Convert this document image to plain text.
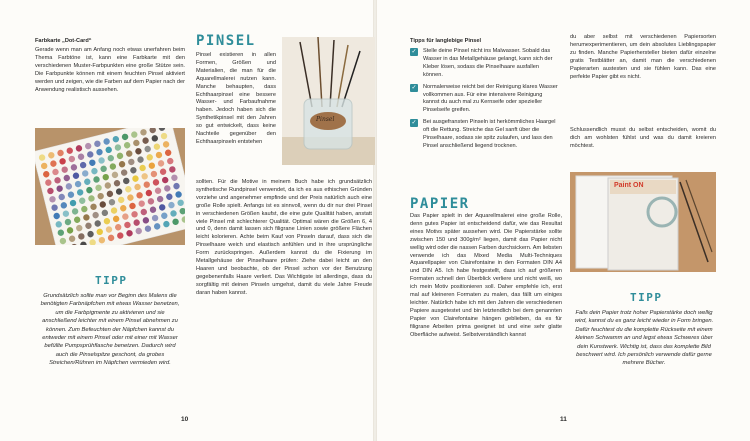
Farbkarte „Dot-Card“
Gerade wenn man am Anfang noch etwas unerfahren beim Thema Farbtöne ist, kann eine Farbkarte mit den verschiedenen Muster-Farbpunkten eine große Stütze sein. Die Farbpunkte können mit einem feuchten Pinsel aktiviert werden und zeigen, wie die Farben auf dem Papier nach der Anwendung realistisch aussehen.
TIPP
Grundsätzlich sollte man vor Beginn des Malens die benötigten Farbnäpfchen mit etwas Wasser benetzen, um die Farbpigmente zu aktivieren und sie anschließend leichter mit einem Pinsel abnehmen zu können. Zum Befeuchten der Näpfchen kannst du entweder mit einem Pinsel oder mit einer mit Wasser befüllte Pumpsprühflasche benetzen. Dadurch wird auch die Pinselspitze geschont, da grobes Streichen/Rühren im Näpfchen vermieden wird.
PINSEL
Pinsel existieren in allen Formen, Größen und Materialien, die man für die Aquarellmalerei nutzen kann. Manche behaupten, dass Echthaarpinsel eine bessere Wasser- und Farbaufnahme haben. Jedoch haben sich die Synthetikpinsel mit den Jahren so gut entwickelt, dass keine Nachteile gegenüber den Echthaarpinseln entstehen
Pinsel
sollten. Für die Motive in meinem Buch habe ich grundsätzlich synthetische Rundpinsel verwendet, da ich es aus ethischen Gründen vorziehe und angenehmer empfinde und der Preis natürlich auch eine große Rolle spielt. Anfangs ist es sinnvoll, wenn du dir nur drei Pinsel in verschiedenen Größen kaufst, die eine gute Qualität haben, anstatt viele Pinsel mit schlechterer Qualität. Optimal wären die Größen 6, 4 und 0, denn damit lassen sich filigrane Linien sowie größere Flächen leicht kolorieren. Achte beim Kauf von Pinseln darauf, dass sich die Pinselhaare weich und elastisch anfühlen und in ihre ursprüngliche Form zurückspringen. Außerdem kannst du die Fixierung im Metallgehäuse der Pinselhaare prüfen: Ziehe dabei leicht an den Haaren und beobachte, ob der Pinsel schon vor der Benutzung gegebenenfalls Haare verliert. Das Wichtigste ist allerdings, dass du sorgfältig mit deinen Pinseln umgehst, damit du viele Jahre Freude daran haben kannst.
10
Tipps für langlebige Pinsel
✓ Stelle deine Pinsel nicht ins Malwasser. Sobald das Wasser in das Metallgehäuse gelangt, kann sich der Kleber lösen, sodass die Pinselhaare ausfallen können.
✓ Normalerweise reicht bei der Reinigung klares Wasser vollkommen aus. Für eine intensivere Reinigung kannst du auch mal zu Kernseife oder spezieller Pinselseife greifen.
✓ Bei ausgefransten Pinseln ist herkömmliches Haargel oft die Rettung. Streiche das Gel sanft über die Pinselhaare, sodass sie spitz zulaufen, und lass den Pinsel anschließend liegend trocknen.
PAPIER
Das Papier spielt in der Aquarellmalerei eine große Rolle, denn gutes Papier ist entscheidend dafür, wie das Resultat eines Motivs später aussehen wird. Die Papierstärke sollte zwischen 150 und 300g/m² liegen, damit das Papier nicht wellig wird oder die nassen Farben durchsickern. Am liebsten verwende ich das Mixed Media Multi-Techniques Aquarellpapier von Clairefontaine in den Formaten DIN A4 und DIN A5. Ich habe festgestellt, dass ich auf größeren Formaten schnell den Überblick verliere und nicht weiß, wo ich mein Motiv positionieren soll. Daher empfehle ich, erst mal auf kleineren Formaten zu malen, das fällt um einiges leichter. Natürlich habe ich mit den Jahren die verschiedenen Papiere ausgetestet und bin letztendlich bei dem genannten Papier von Clairefontaine hängen geblieben, da es für filigrane Arbeiten prima geeignet ist und eine sehr glatte Oberfläche aufweist. Selbstverständlich kannst
du aber selbst mit verschiedenen Papiersorten herumexperimentieren, um dein absolutes Lieblingspapier zu finden. Manche Papierhersteller bieten dafür einzelne gratis Testblätter an, damit man die verschiedenen Papierarten austesten und sie fühlen kann. Das eine perfekte Papier gibt es nicht.
Schlussendlich musst du selbst entscheiden, womit du dich am wohlsten fühlst und was du damit kreieren möchtest.
Paint ON
TIPP
Falls dein Papier trotz hoher Papierstärke doch wellig wird, kannst du es ganz leicht wieder in Form bringen. Dafür feuchtest du die komplette Rückseite mit einem kleinen Schwamm an und legst etwas Schweres über dein Kunstwerk. Wichtig ist, dass das komplette Bild beschwert wird. Ich persönlich verwende dafür gerne mehrere Bücher.
11
